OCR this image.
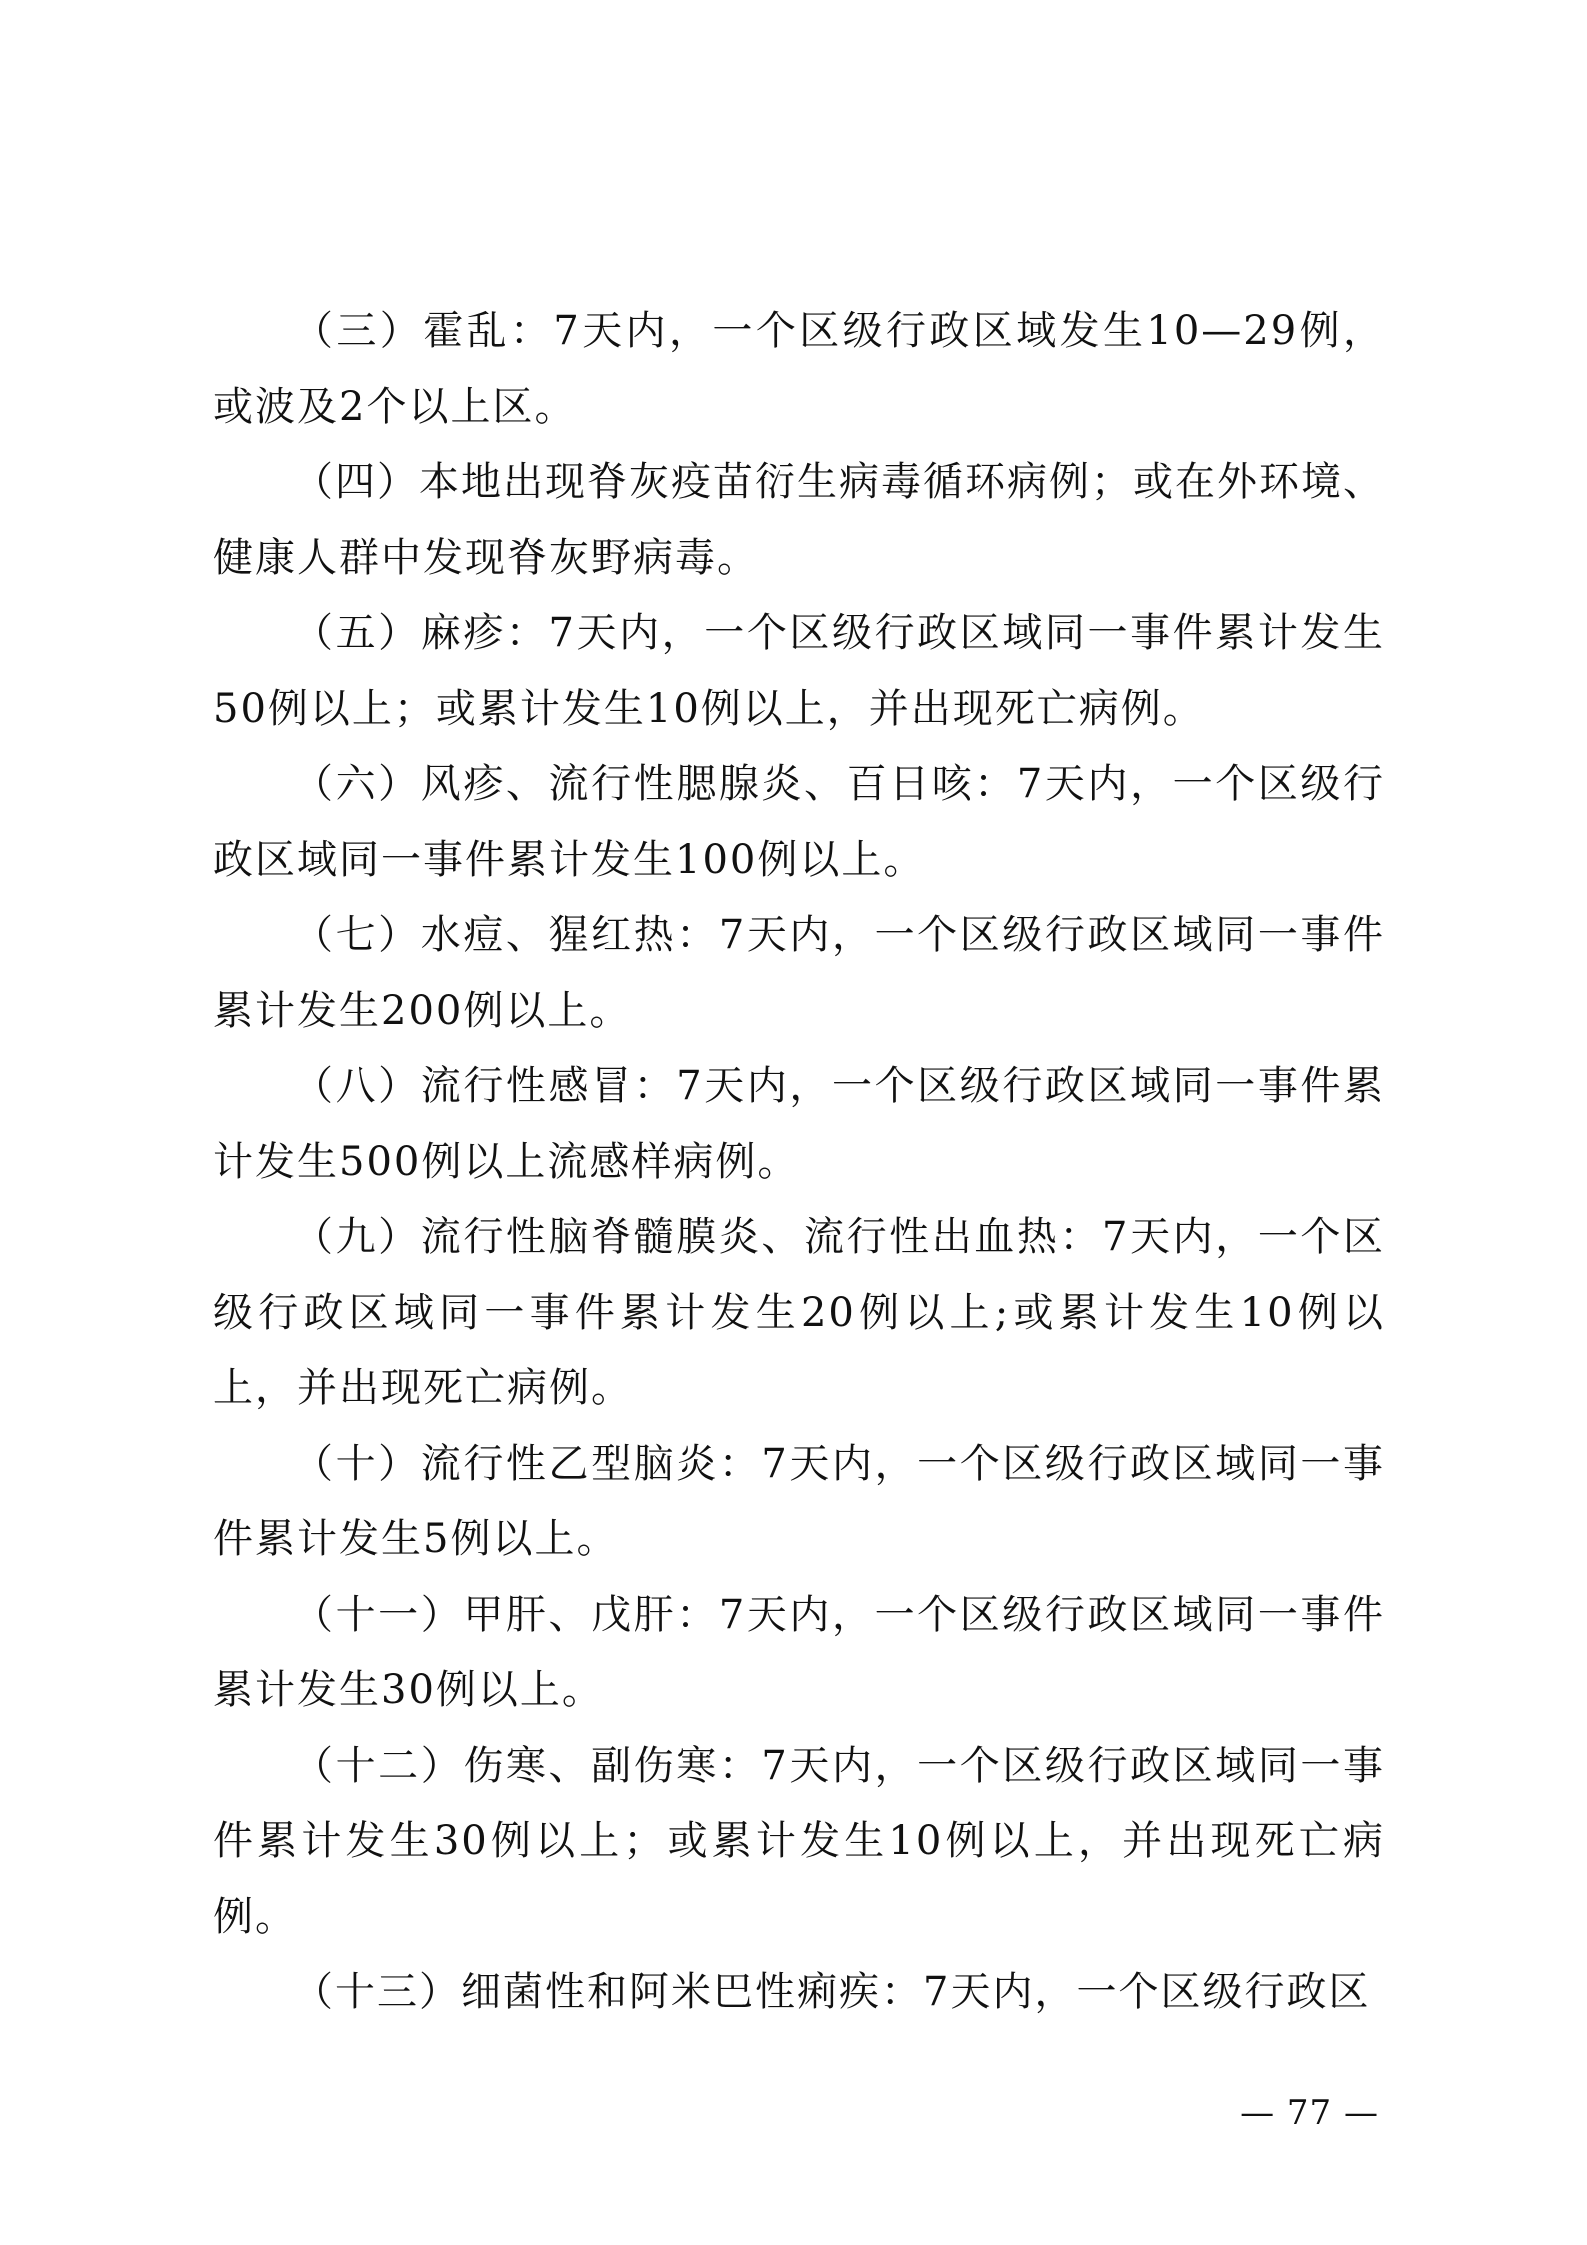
（三）霍乱：7天内，一个区级行政区域发生10—29例，或波及2个以上区。

（四）本地出现脊灰疫苗衍生病毒循环病例；或在外环境、健康人群中发现脊灰野病毒。

（五）麻疹：7天内，一个区级行政区域同一事件累计发生50例以上；或累计发生10例以上，并出现死亡病例。

（六）风疹、流行性腮腺炎、百日咳：7天内，一个区级行政区域同一事件累计发生100例以上。

（七）水痘、猩红热：7天内，一个区级行政区域同一事件累计发生200例以上。

（八）流行性感冒：7天内，一个区级行政区域同一事件累计发生500例以上流感样病例。

（九）流行性脑脊髓膜炎、流行性出血热：7天内，一个区级行政区域同一事件累计发生20例以上;或累计发生10例以上，并出现死亡病例。

（十）流行性乙型脑炎：7天内，一个区级行政区域同一事件累计发生5例以上。

（十一）甲肝、戊肝：7天内，一个区级行政区域同一事件累计发生30例以上。

（十二）伤寒、副伤寒：7天内，一个区级行政区域同一事件累计发生30例以上；或累计发生10例以上，并出现死亡病例。

（十三）细菌性和阿米巴性痢疾：7天内，一个区级行政区

— 77 —
